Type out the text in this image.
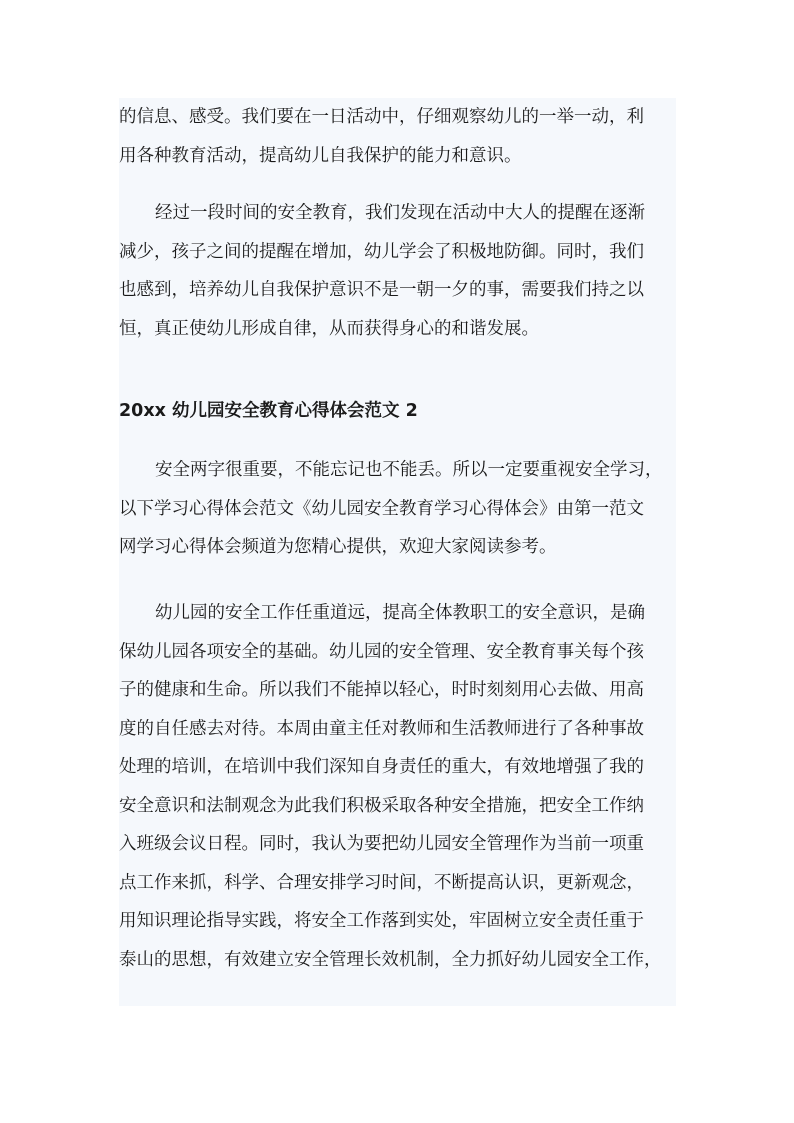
的信息、感受。我们要在一日活动中，仔细观察幼儿的一举一动，利
用各种教育活动，提高幼儿自我保护的能力和意识。
经过一段时间的安全教育，我们发现在活动中大人的提醒在逐渐
减少，孩子之间的提醒在增加，幼儿学会了积极地防御。同时，我们
也感到，培养幼儿自我保护意识不是一朝一夕的事，需要我们持之以
恒，真正使幼儿形成自律，从而获得身心的和谐发展。
20xx 幼儿园安全教育心得体会范文 2
安全两字很重要，不能忘记也不能丢。所以一定要重视安全学习，
以下学习心得体会范文《幼儿园安全教育学习心得体会》由第一范文
网学习心得体会频道为您精心提供，欢迎大家阅读参考。
幼儿园的安全工作任重道远，提高全体教职工的安全意识，是确
保幼儿园各项安全的基础。幼儿园的安全管理、安全教育事关每个孩
子的健康和生命。所以我们不能掉以轻心，时时刻刻用心去做、用高
度的自任感去对待。本周由童主任对教师和生活教师进行了各种事故
处理的培训，在培训中我们深知自身责任的重大，有效地增强了我的
安全意识和法制观念为此我们积极采取各种安全措施，把安全工作纳
入班级会议日程。同时，我认为要把幼儿园安全管理作为当前一项重
点工作来抓，科学、合理安排学习时间，不断提高认识，更新观念，
用知识理论指导实践，将安全工作落到实处，牢固树立安全责任重于
泰山的思想，有效建立安全管理长效机制，全力抓好幼儿园安全工作，
